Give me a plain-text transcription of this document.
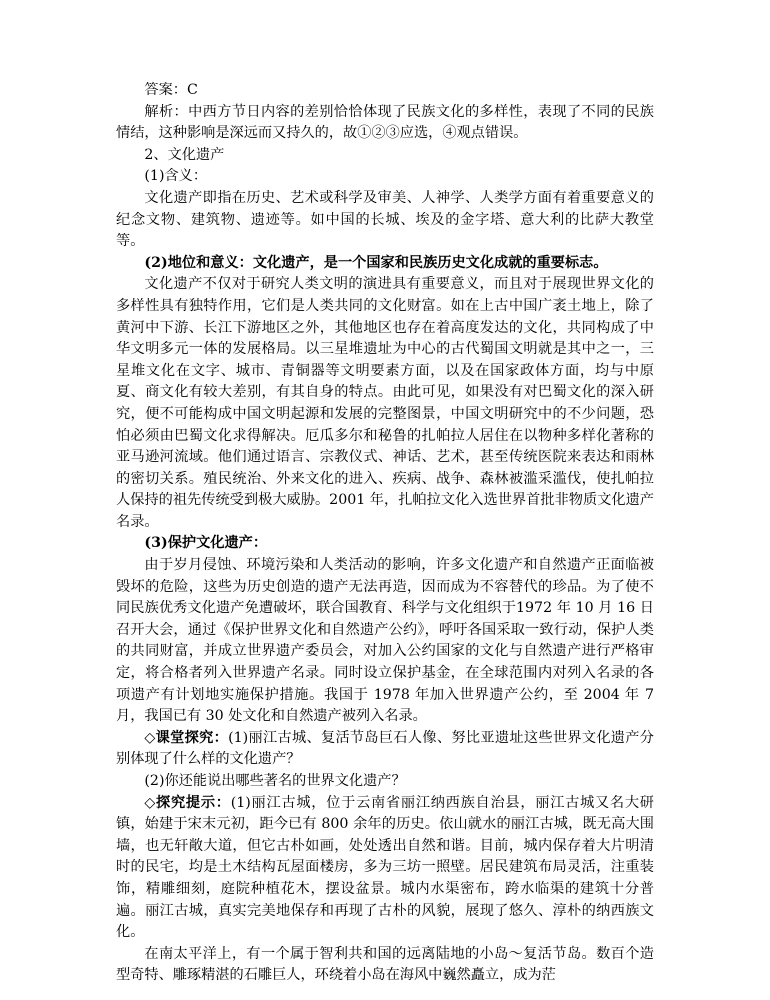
答案：C

解析：中西方节日内容的差别恰恰体现了民族文化的多样性，表现了不同的民族情结，这种影响是深远而又持久的，故①②③应选，④观点错误。

2、文化遗产

(1)含义：

文化遗产即指在历史、艺术或科学及审美、人神学、人类学方面有着重要意义的纪念文物、建筑物、遗迹等。如中国的长城、埃及的金字塔、意大利的比萨大教堂等。

(2)地位和意义：文化遗产，是一个国家和民族历史文化成就的重要标志。

文化遗产不仅对于研究人类文明的演进具有重要意义，而且对于展现世界文化的多样性具有独特作用，它们是人类共同的文化财富。如在上古中国广袤土地上，除了黄河中下游、长江下游地区之外，其他地区也存在着高度发达的文化，共同构成了中华文明多元一体的发展格局。以三星堆遗址为中心的古代蜀国文明就是其中之一，三星堆文化在文字、城市、青铜器等文明要素方面，以及在国家政体方面，均与中原夏、商文化有较大差别，有其自身的特点。由此可见，如果没有对巴蜀文化的深入研究，便不可能构成中国文明起源和发展的完整图景，中国文明研究中的不少问题，恐怕必须由巴蜀文化求得解决。厄瓜多尔和秘鲁的扎帕拉人居住在以物种多样化著称的亚马逊河流域。他们通过语言、宗教仪式、神话、艺术，甚至传统医院来表达和雨林的密切关系。殖民统治、外来文化的进入、疾病、战争、森林被滥采滥伐，使扎帕拉人保持的祖先传统受到极大威胁。2001 年，扎帕拉文化入选世界首批非物质文化遗产名录。

(3)保护文化遗产：

由于岁月侵蚀、环境污染和人类活动的影响，许多文化遗产和自然遗产正面临被毁坏的危险，这些为历史创造的遗产无法再造，因而成为不容替代的珍品。为了使不同民族优秀文化遗产免遭破坏，联合国教育、科学与文化组织于1972 年 10 月 16 日召开大会，通过《保护世界文化和自然遗产公约》，呼吁各国采取一致行动，保护人类的共同财富，并成立世界遗产委员会，对加入公约国家的文化与自然遗产进行严格审定，将合格者列入世界遗产名录。同时设立保护基金，在全球范围内对列入名录的各项遗产有计划地实施保护措施。我国于 1978 年加入世界遗产公约，至 2004 年 7 月，我国已有 30 处文化和自然遗产被列入名录。

◇课堂探究：(1)丽江古城、复活节岛巨石人像、努比亚遗址这些世界文化遗产分别体现了什么样的文化遗产？

(2)你还能说出哪些著名的世界文化遗产？

◇探究提示：(1)丽江古城，位于云南省丽江纳西族自治县，丽江古城又名大研镇，始建于宋末元初，距今已有 800 余年的历史。依山就水的丽江古城，既无高大围墙，也无轩敞大道，但它古朴如画，处处透出自然和谐。目前，城内保存着大片明清时的民宅，均是土木结构瓦屋面楼房，多为三坊一照壁。居民建筑布局灵活，注重装饰，精雕细刻，庭院种植花木，摆设盆景。城内水渠密布，跨水临渠的建筑十分普遍。丽江古城，真实完美地保存和再现了古朴的风貌，展现了悠久、淳朴的纳西族文化。

在南太平洋上，有一个属于智利共和国的远离陆地的小岛～复活节岛。数百个造型奇特、雕琢精湛的石雕巨人，环绕着小岛在海风中巍然矗立，成为茫
